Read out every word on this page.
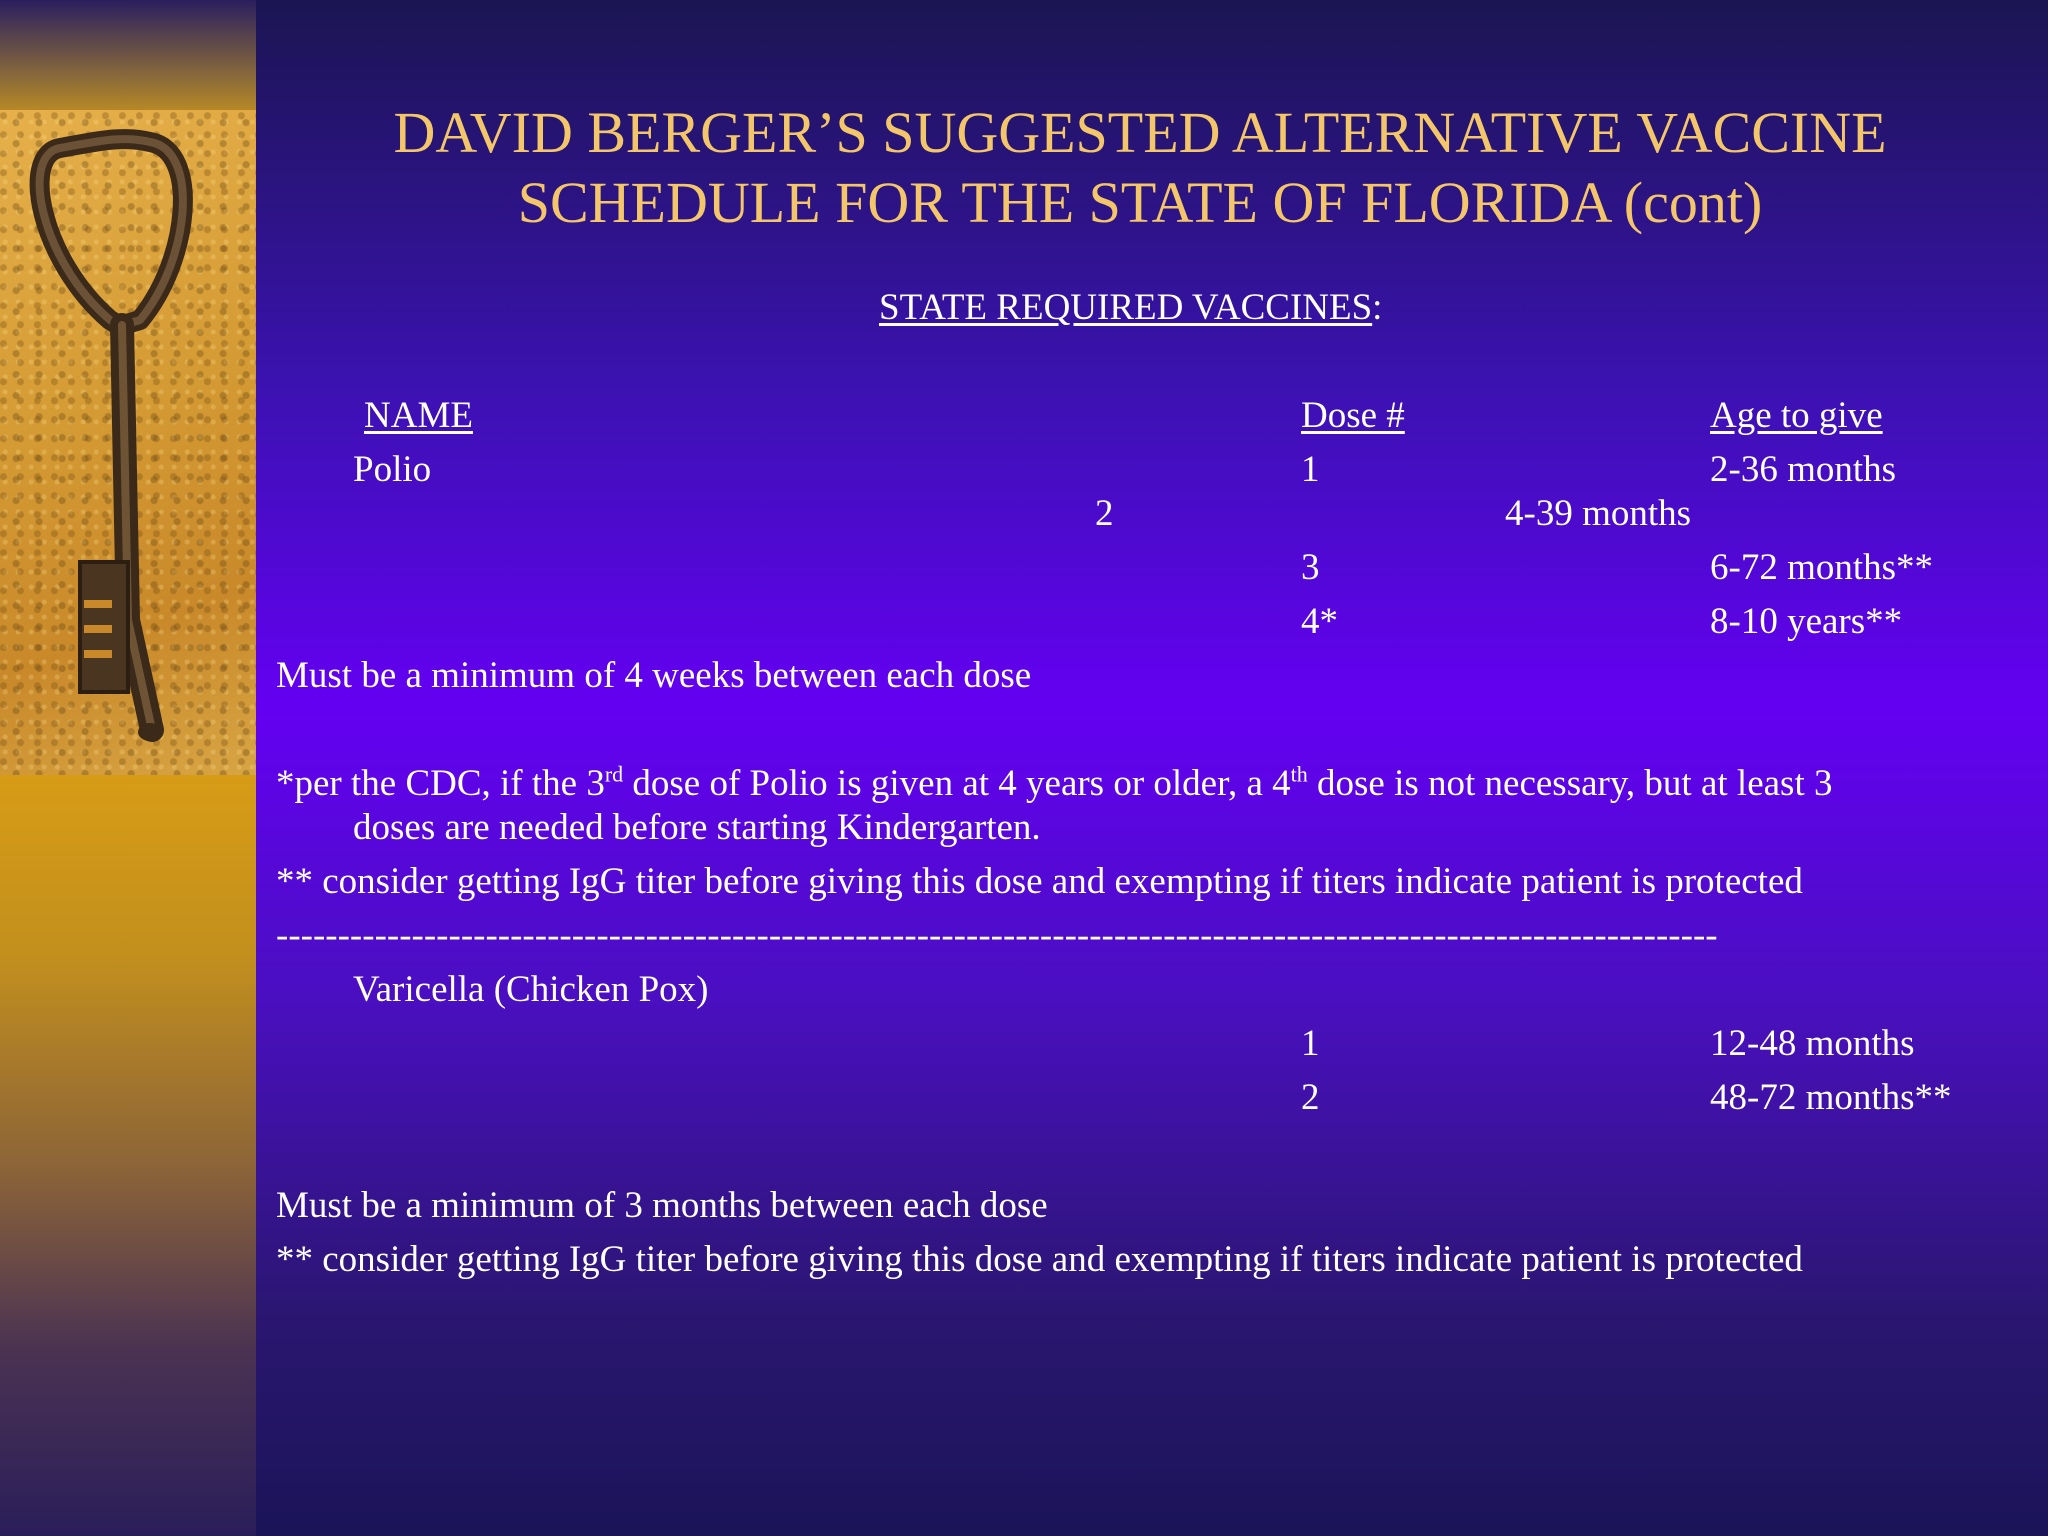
DAVID BERGER’S SUGGESTED ALTERNATIVE VACCINE
SCHEDULE FOR THE STATE OF FLORIDA (cont)
STATE REQUIRED VACCINES:
NAME	Dose #	Age to give
Polio	1	2-36 months
2	4-39 months
3	6-72 months**
4*	8-10 years**
Must be a minimum of 4 weeks between each dose
*per the CDC, if the 3rd dose of Polio is given at 4 years or older, a 4th dose is not necessary, but at least 3
doses are needed before starting Kindergarten.
** consider getting IgG titer before giving this dose and exempting if titers indicate patient is protected
---------------------------------------------------------------------------------------------------------------------
Varicella (Chicken Pox)
1	12-48 months
2	48-72 months**
Must be a minimum of 3 months between each dose
** consider getting IgG titer before giving this dose and exempting if titers indicate patient is protected
